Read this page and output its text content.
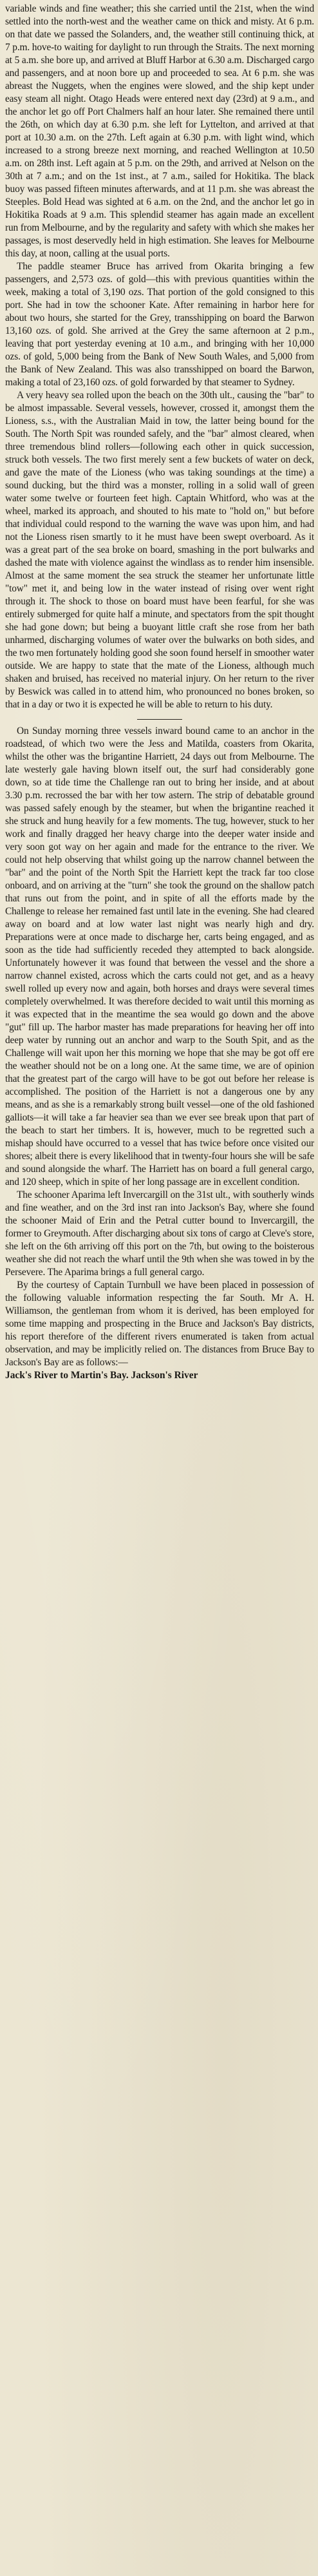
variable winds and fine weather; this she carried until the 21st, when the wind settled into the north-west and the weather came on thick and misty. At 6 p.m. on that date we passed the Solanders, and, the weather still continuing thick, at 7 p.m. hove-to waiting for daylight to run through the Straits. The next morning at 5 a.m. she bore up, and arrived at Bluff Harbor at 6.30 a.m. Discharged cargo and passengers, and at noon bore up and proceeded to sea. At 6 p.m. she was abreast the Nuggets, when the engines were slowed, and the ship kept under easy steam all night. Otago Heads were entered next day (23rd) at 9 a.m., and the anchor let go off Port Chalmers half an hour later. She remained there until the 26th, on which day at 6.30 p.m. she left for Lyttelton, and arrived at that port at 10.30 a.m. on the 27th. Left again at 6.30 p.m. with light wind, which increased to a strong breeze next morning, and reached Wellington at 10.50 a.m. on 28th inst. Left again at 5 p.m. on the 29th, and arrived at Nelson on the 30th at 7 a.m.; and on the 1st inst., at 7 a.m., sailed for Hokitika. The black buoy was passed fifteen minutes afterwards, and at 11 p.m. she was abreast the Steeples. Bold Head was sighted at 6 a.m. on the 2nd, and the anchor let go in Hokitika Roads at 9 a.m. This splendid steamer has again made an excellent run from Melbourne, and by the regularity and safety with which she makes her passages, is most deservedly held in high estimation. She leaves for Melbourne this day, at noon, calling at the usual ports.

The paddle steamer Bruce has arrived from Okarita bringing a few passengers, and 2,573 ozs. of gold—this with previous quantities within the week, making a total of 3,190 ozs. That portion of the gold consigned to this port. She had in tow the schooner Kate. After remaining in harbor here for about two hours, she started for the Grey, transshipping on board the Barwon 13,160 ozs. of gold. She arrived at the Grey the same afternoon at 2 p.m., leaving that port yesterday evening at 10 a.m., and bringing with her 10,000 ozs. of gold, 5,000 being from the Bank of New South Wales, and 5,000 from the Bank of New Zealand. This was also transshipped on board the Barwon, making a total of 23,160 ozs. of gold forwarded by that steamer to Sydney.

A very heavy sea rolled upon the beach on the 30th ult., causing the "bar" to be almost impassable. Several vessels, however, crossed it, amongst them the Lioness, s.s., with the Australian Maid in tow, the latter being bound for the South. The North Spit was rounded safely, and the "bar" almost cleared, when three tremendous blind rollers—following each other in quick succession, struck both vessels. The two first merely sent a few buckets of water on deck, and gave the mate of the Lioness (who was taking soundings at the time) a sound ducking, but the third was a monster, rolling in a solid wall of green water some twelve or fourteen feet high. Captain Whitford, who was at the wheel, marked its approach, and shouted to his mate to "hold on," but before that individual could respond to the warning the wave was upon him, and had not the Lioness risen smartly to it he must have been swept overboard. As it was a great part of the sea broke on board, smashing in the port bulwarks and dashed the mate with violence against the windlass as to render him insensible. Almost at the same moment the sea struck the steamer her unfortunate little "tow" met it, and being low in the water instead of rising over went right through it. The shock to those on board must have been fearful, for she was entirely submerged for quite half a minute, and spectators from the spit thought she had gone down; but being a buoyant little craft she rose from her bath unharmed, discharging volumes of water over the bulwarks on both sides, and the two men fortunately holding good she soon found herself in smoother water outside. We are happy to state that the mate of the Lioness, although much shaken and bruised, has received no material injury. On her return to the river by Beswick was called in to attend him, who pronounced no bones broken, so that in a day or two it is expected he will be able to return to his duty.

On Sunday morning three vessels inward bound came to an anchor in the roadstead, of which two were the Jess and Matilda, coasters from Okarita, whilst the other was the brigantine Harriett, 24 days out from Melbourne. The late westerly gale having blown itself out, the surf had considerably gone down, so at tide time the Challenge ran out to bring her inside, and at about 3.30 p.m. recrossed the bar with her tow astern. The strip of debatable ground was passed safely enough by the steamer, but when the brigantine reached it she struck and hung heavily for a few moments. The tug, however, stuck to her work and finally dragged her heavy charge into the deeper water inside and very soon got way on her again and made for the entrance to the river. We could not help observing that whilst going up the narrow channel between the "bar" and the point of the North Spit the Harriett kept the track far too close onboard, and on arriving at the "turn" she took the ground on the shallow patch that runs out from the point, and in spite of all the efforts made by the Challenge to release her remained fast until late in the evening. She had cleared away on board and at low water last night was nearly high and dry. Preparations were at once made to discharge her, carts being engaged, and as soon as the tide had sufficiently receded they attempted to back alongside. Unfortunately however it was found that between the vessel and the shore a narrow channel existed, across which the carts could not get, and as a heavy swell rolled up every now and again, both horses and drays were several times completely overwhelmed. It was therefore decided to wait until this morning as it was expected that in the meantime the sea would go down and the above "gut" fill up. The harbor master has made preparations for heaving her off into deep water by running out an anchor and warp to the South Spit, and as the Challenge will wait upon her this morning we hope that she may be got off ere the weather should not be on a long one. At the same time, we are of opinion that the greatest part of the cargo will have to be got out before her release is accomplished. The position of the Harriett is not a dangerous one by any means, and as she is a remarkably strong built vessel—one of the old fashioned galliots—it will take a far heavier sea than we ever see break upon that part of the beach to start her timbers. It is, however, much to be regretted such a mishap should have occurred to a vessel that has twice before once visited our shores; albeit there is every likelihood that in twenty-four hours she will be safe and sound alongside the wharf. The Harriett has on board a full general cargo, and 120 sheep, which in spite of her long passage are in excellent condition.

The schooner Aparima left Invercargill on the 31st ult., with southerly winds and fine weather, and on the 3rd inst ran into Jackson's Bay, where she found the schooner Maid of Erin and the Petral cutter bound to Invercargill, the former to Greymouth. After discharging about six tons of cargo at Cleve's store, she left on the 6th arriving off this port on the 7th, but owing to the boisterous weather she did not reach the wharf until the 9th when she was towed in by the Persevere. The Aparima brings a full general cargo.

By the courtesy of Captain Turnbull we have been placed in possession of the following valuable information respecting the far South. Mr A. H. Williamson, the gentleman from whom it is derived, has been employed for some time mapping and prospecting in the Bruce and Jackson's Bay districts, his report therefore of the different rivers enumerated is taken from actual observation, and may be implicitly relied on. The distances from Bruce Bay to Jackson's Bay are as follows:—

Jack's River to Martin's Bay. Jackson's River
